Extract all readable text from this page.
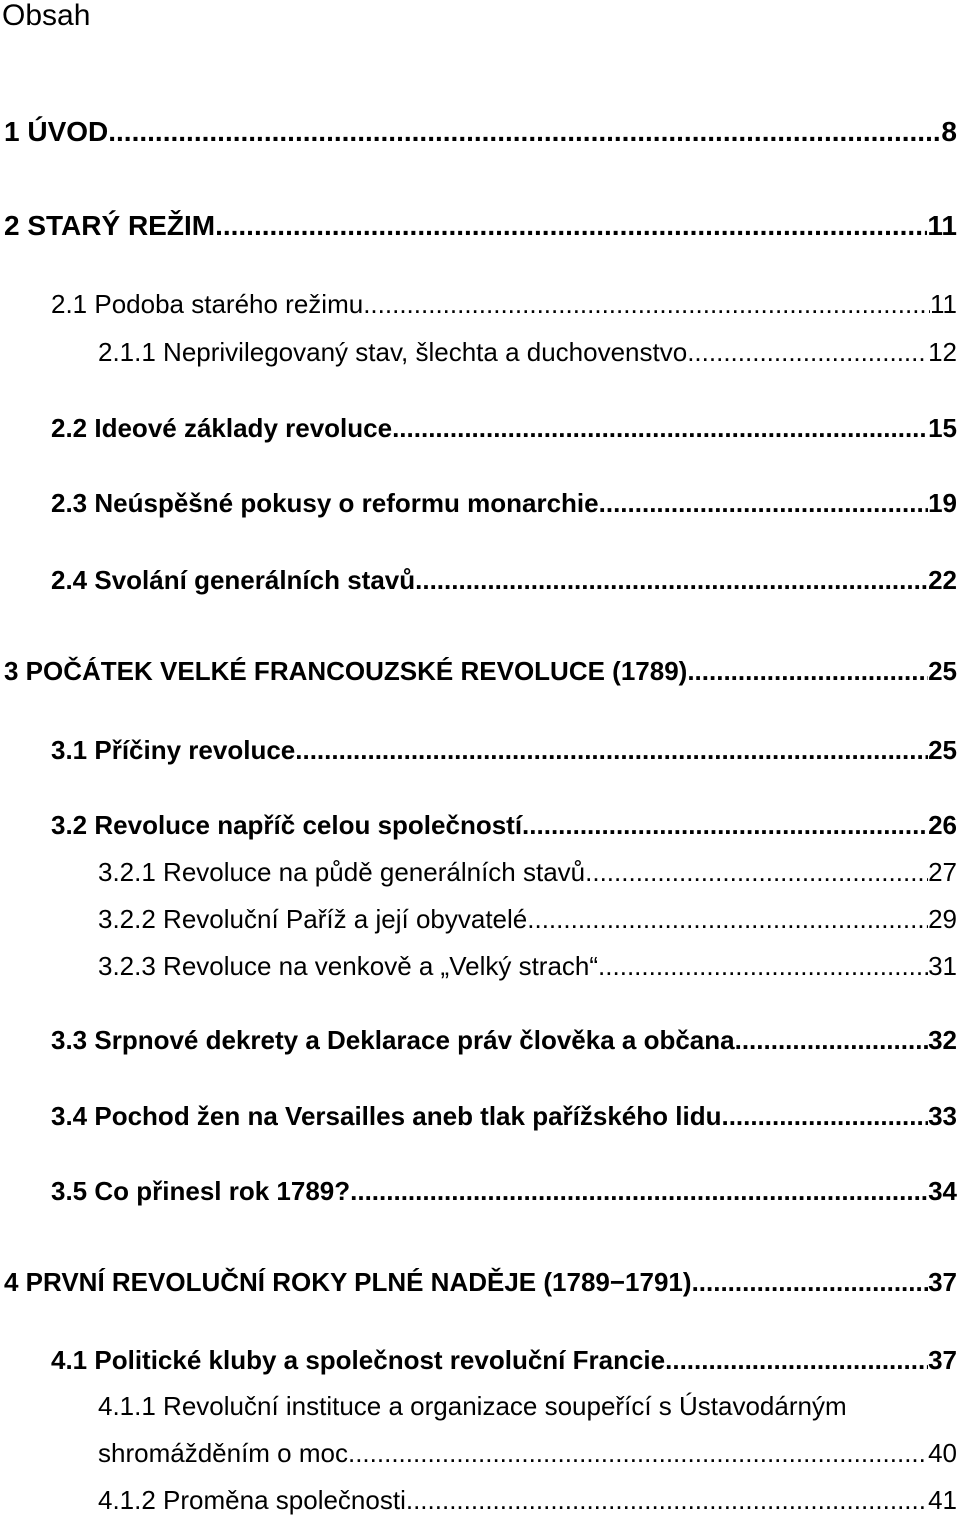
Obsah
1 ÚVOD .....	8
2 STARÝ REŽIM .....	11
2.1 Podoba starého režimu .....	11
2.1.1 Neprivilegovaný stav, šlechta a duchovenstvo .....	12
2.2 Ideové základy revoluce .....	15
2.3 Neúspěšné pokusy o reformu monarchie .....	19
2.4 Svolání generálních stavů .....	22
3 POČÁTEK VELKÉ FRANCOUZSKÉ REVOLUCE (1789) .....	25
3.1 Příčiny revoluce .....	25
3.2 Revoluce napříč celou společností .....	26
3.2.1 Revoluce na půdě generálních stavů .....	27
3.2.2 Revoluční Paříž a její obyvatelé .....	29
3.2.3 Revoluce na venkově a „Velký strach“ .....	31
3.3 Srpnové dekrety a Deklarace práv člověka a občana .....	32
3.4 Pochod žen na Versailles aneb tlak pařížského lidu .....	33
3.5 Co přinesl rok 1789? .....	34
4 PRVNÍ REVOLUČNÍ ROKY PLNÉ NADĚJE (1789−1791) .....	37
4.1 Politické kluby a společnost revoluční Francie .....	37
4.1.1 Revoluční instituce a organizace soupeřící s Ústavodárným
shromážděním o moc .....	40
4.1.2 Proměna společnosti .....	41
